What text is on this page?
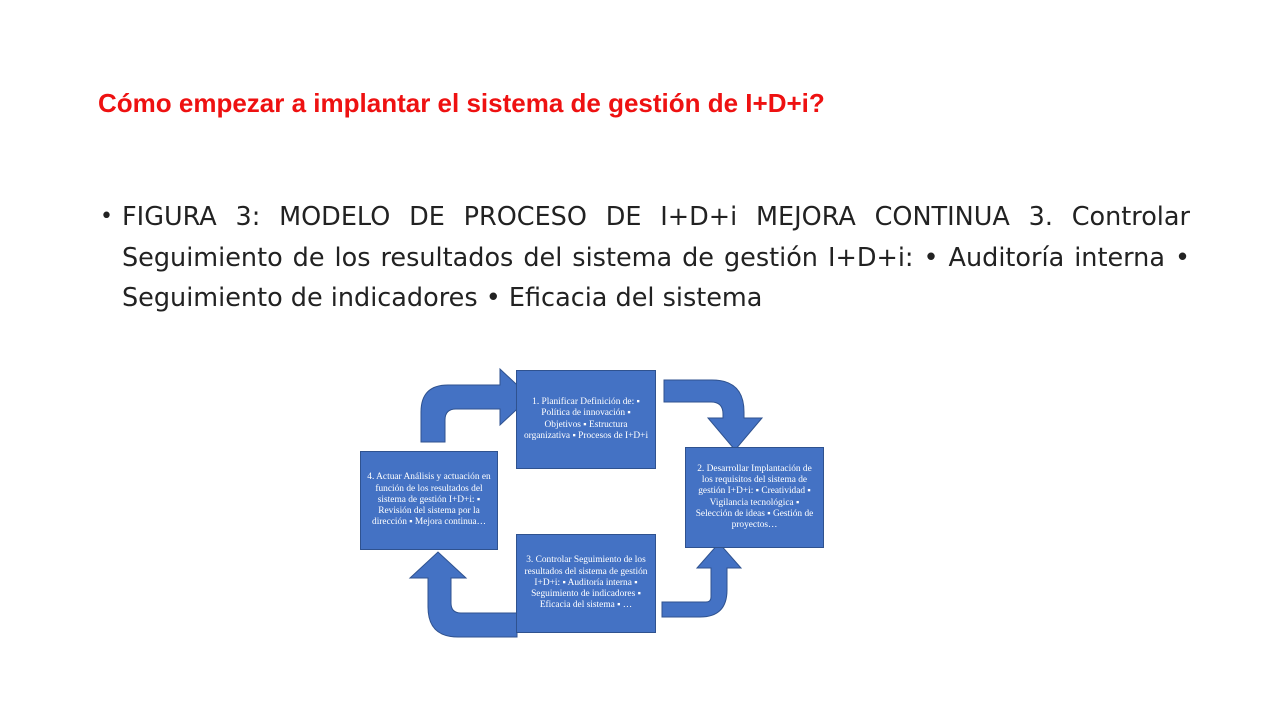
Cómo empezar a implantar el sistema de gestión de I+D+i?
• FIGURA 3: MODELO DE PROCESO DE I+D+i MEJORA CONTINUA 3. Controlar Seguimiento de los resultados del sistema de gestión I+D+i: • Auditoría interna • Seguimiento de indicadores • Eficacia del sistema
1. Planificar Definición de: ▪ Política de innovación ▪ Objetivos ▪ Estructura organizativa ▪ Procesos de I+D+i
2. Desarrollar Implantación de los requisitos del sistema de gestión I+D+i: ▪ Creatividad ▪ Vigilancia tecnológica ▪ Selección de ideas ▪ Gestión de proyectos…
3. Controlar Seguimiento de los resultados del sistema de gestión I+D+i: ▪ Auditoría interna ▪ Seguimiento de indicadores ▪ Eficacia del sistema ▪ …
4. Actuar Análisis y actuación en función de los resultados del sistema de gestión I+D+i: ▪ Revisión del sistema por la dirección ▪ Mejora continua…
